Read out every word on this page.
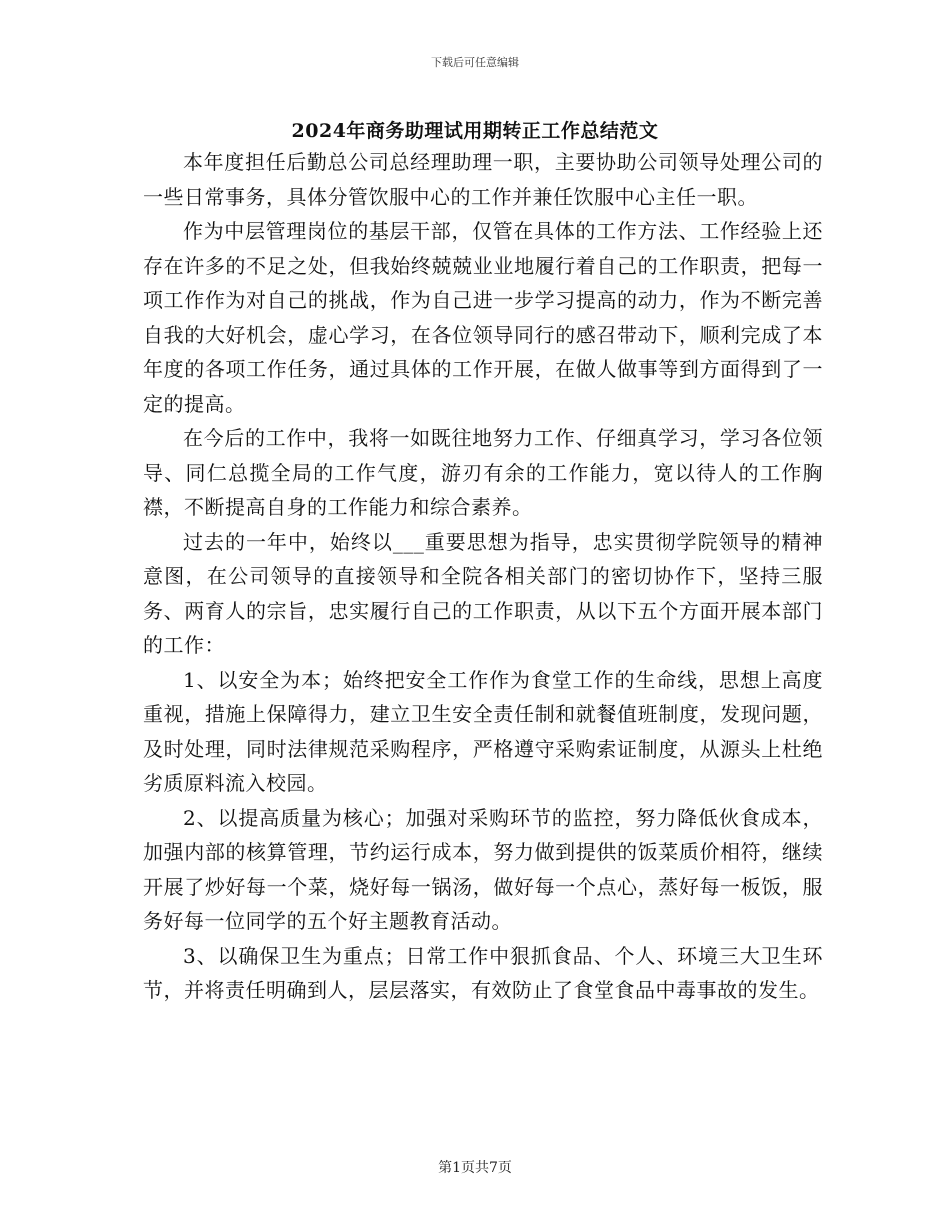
下载后可任意编辑
2024年商务助理试用期转正工作总结范文

本年度担任后勤总公司总经理助理一职，主要协助公司领导处理公司的一些日常事务，具体分管饮服中心的工作并兼任饮服中心主任一职。

作为中层管理岗位的基层干部，仅管在具体的工作方法、工作经验上还存在许多的不足之处，但我始终兢兢业业地履行着自己的工作职责，把每一项工作作为对自己的挑战，作为自己进一步学习提高的动力，作为不断完善自我的大好机会，虚心学习，在各位领导同行的感召带动下，顺利完成了本年度的各项工作任务，通过具体的工作开展，在做人做事等到方面得到了一定的提高。

在今后的工作中，我将一如既往地努力工作、仔细真学习，学习各位领导、同仁总揽全局的工作气度，游刃有余的工作能力，宽以待人的工作胸襟，不断提高自身的工作能力和综合素养。

过去的一年中，始终以___重要思想为指导，忠实贯彻学院领导的精神意图，在公司领导的直接领导和全院各相关部门的密切协作下，坚持三服务、两育人的宗旨，忠实履行自己的工作职责，从以下五个方面开展本部门的工作：

1、以安全为本；始终把安全工作作为食堂工作的生命线，思想上高度重视，措施上保障得力，建立卫生安全责任制和就餐值班制度，发现问题，及时处理，同时法律规范采购程序，严格遵守采购索证制度，从源头上杜绝劣质原料流入校园。

2、以提高质量为核心；加强对采购环节的监控，努力降低伙食成本，加强内部的核算管理，节约运行成本，努力做到提供的饭菜质价相符，继续开展了炒好每一个菜，烧好每一锅汤，做好每一个点心，蒸好每一板饭，服务好每一位同学的五个好主题教育活动。

3、以确保卫生为重点；日常工作中狠抓食品、个人、环境三大卫生环节，并将责任明确到人，层层落实，有效防止了食堂食品中毒事故的发生。

第1页共7页
